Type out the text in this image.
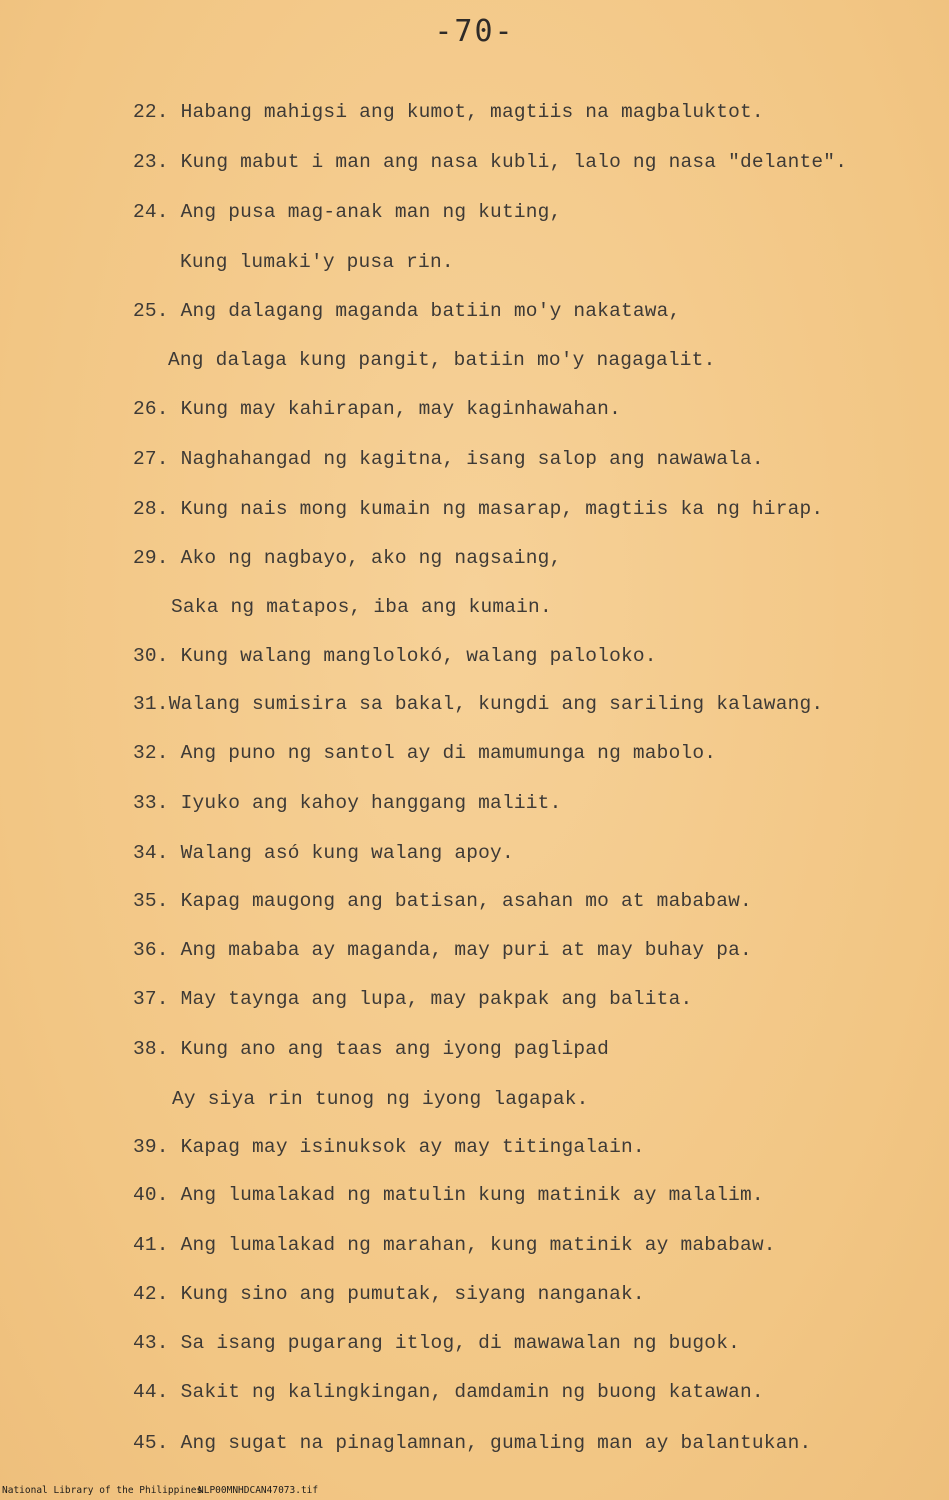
-70-
22. Habang mahigsi ang kumot, magtiis na magbaluktot.
23. Kung mabut i man ang nasa kubli, lalo ng nasa "delante".
24. Ang pusa mag-anak man ng kuting,
Kung lumaki'y pusa rin.
25. Ang dalagang maganda batiin mo'y nakatawa,
Ang dalaga kung pangit, batiin mo'y nagagalit.
26. Kung may kahirapan, may kaginhawahan.
27. Naghahangad ng kagitna, isang salop ang nawawala.
28. Kung nais mong kumain ng masarap, magtiis ka ng hirap.
29. Ako ng nagbayo, ako ng nagsaing,
Saka ng matapos, iba ang kumain.
30. Kung walang manglolokó, walang paloloko.
31.Walang sumisira sa bakal, kungdi ang sariling kalawang.
32. Ang puno ng santol ay di mamumunga ng mabolo.
33. Iyuko ang kahoy hanggang maliit.
34. Walang asó kung walang apoy.
35. Kapag maugong ang batisan, asahan mo at mababaw.
36. Ang mababa ay maganda, may puri at may buhay pa.
37. May taynga ang lupa, may pakpak ang balita.
38. Kung ano ang taas ang iyong paglipad
Ay siya rin tunog ng iyong lagapak.
39. Kapag may isinuksok ay may titingalain.
40. Ang lumalakad ng matulin kung matinik ay malalim.
41. Ang lumalakad ng marahan, kung matinik ay mababaw.
42. Kung sino ang pumutak, siyang nanganak.
43. Sa isang pugarang itlog, di mawawalan ng bugok.
44. Sakit ng kalingkingan, damdamin ng buong katawan.
45. Ang sugat na pinaglamnan, gumaling man ay balantukan.
National Library of the Philippines
NLP00MNHDCAN47073.tif
